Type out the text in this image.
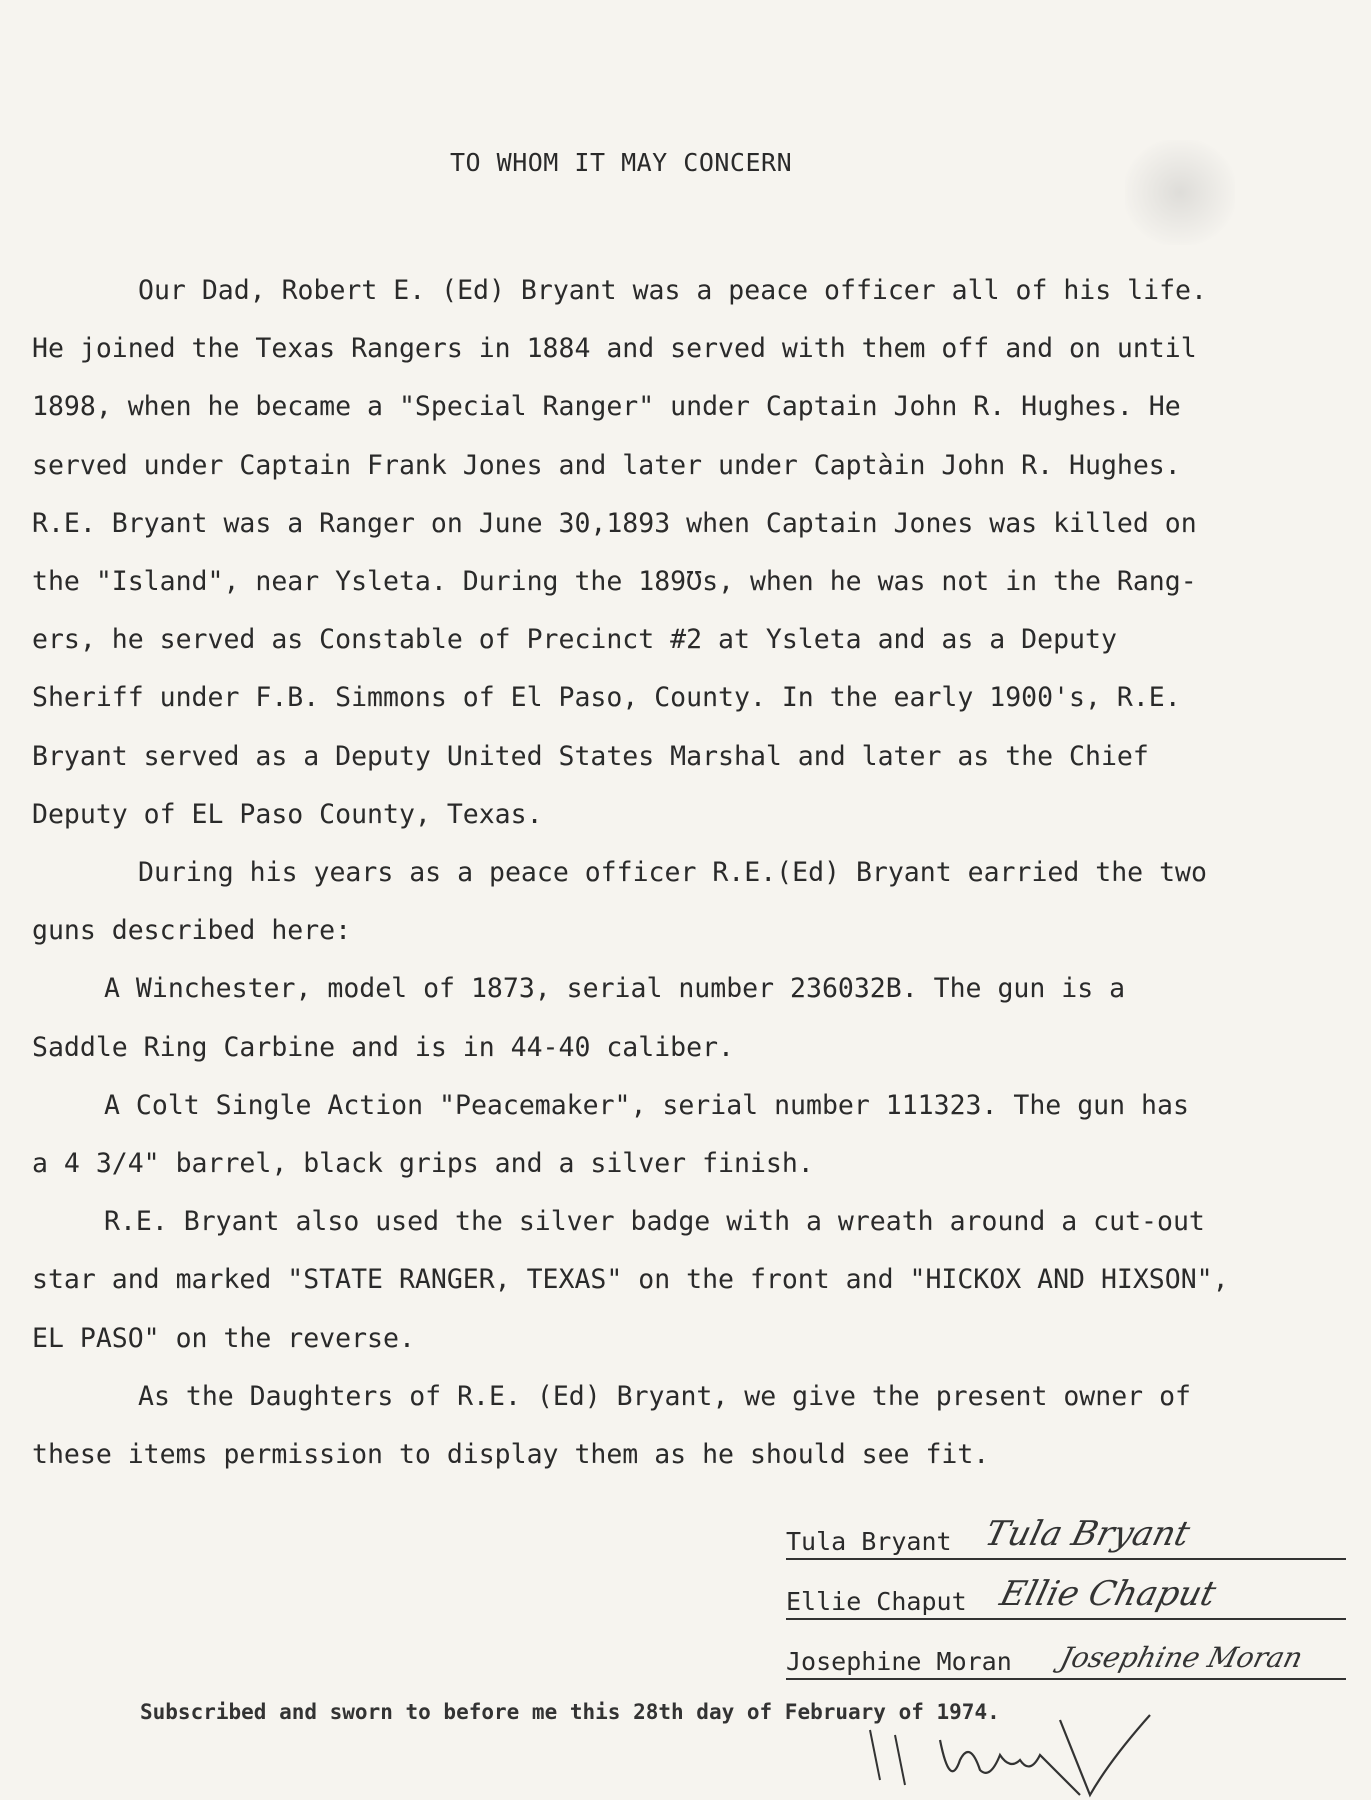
TO WHOM IT MAY CONCERN

Our Dad, Robert E. (Ed) Bryant was a peace officer all of his life.

He joined the Texas Rangers in 1884 and served with them off and on until

1898, when he became a "Special Ranger" under Captain John R. Hughes. He

served under Captain Frank Jones and later under Captàin John R. Hughes.

R.E. Bryant was a Ranger on June 30,1893 when Captain Jones was killed on

the "Island", near Ysleta. During the 189Ʊs, when he was not in the Rang-

ers, he served as Constable of Precinct #2 at Ysleta and as a Deputy

Sheriff under F.B. Simmons of El Paso, County. In the early 1900's, R.E.

Bryant served as a Deputy United States Marshal and later as the Chief

Deputy of EL Paso County, Texas.

During his years as a peace officer R.E.(Ed) Bryant earried the two

guns described here:

A Winchester, model of 1873, serial number 236032B. The gun is a

Saddle Ring Carbine and is in 44-40 caliber.

A Colt Single Action "Peacemaker", serial number 111323. The gun has

a 4 3/4" barrel, black grips and a silver finish.

R.E. Bryant also used the silver badge with a wreath around a cut-out

star and marked "STATE RANGER, TEXAS" on the front and "HICKOX AND HIXSON",

EL PASO" on the reverse.

As the Daughters of R.E. (Ed) Bryant, we give the present owner of

these items permission to display them as he should see fit.

Tula Bryant Tula Bryant
Ellie Chaput Ellie Chaput
Josephine Moran Josephine Moran
Subscribed and sworn to before me this 28th day of February of 1974.
